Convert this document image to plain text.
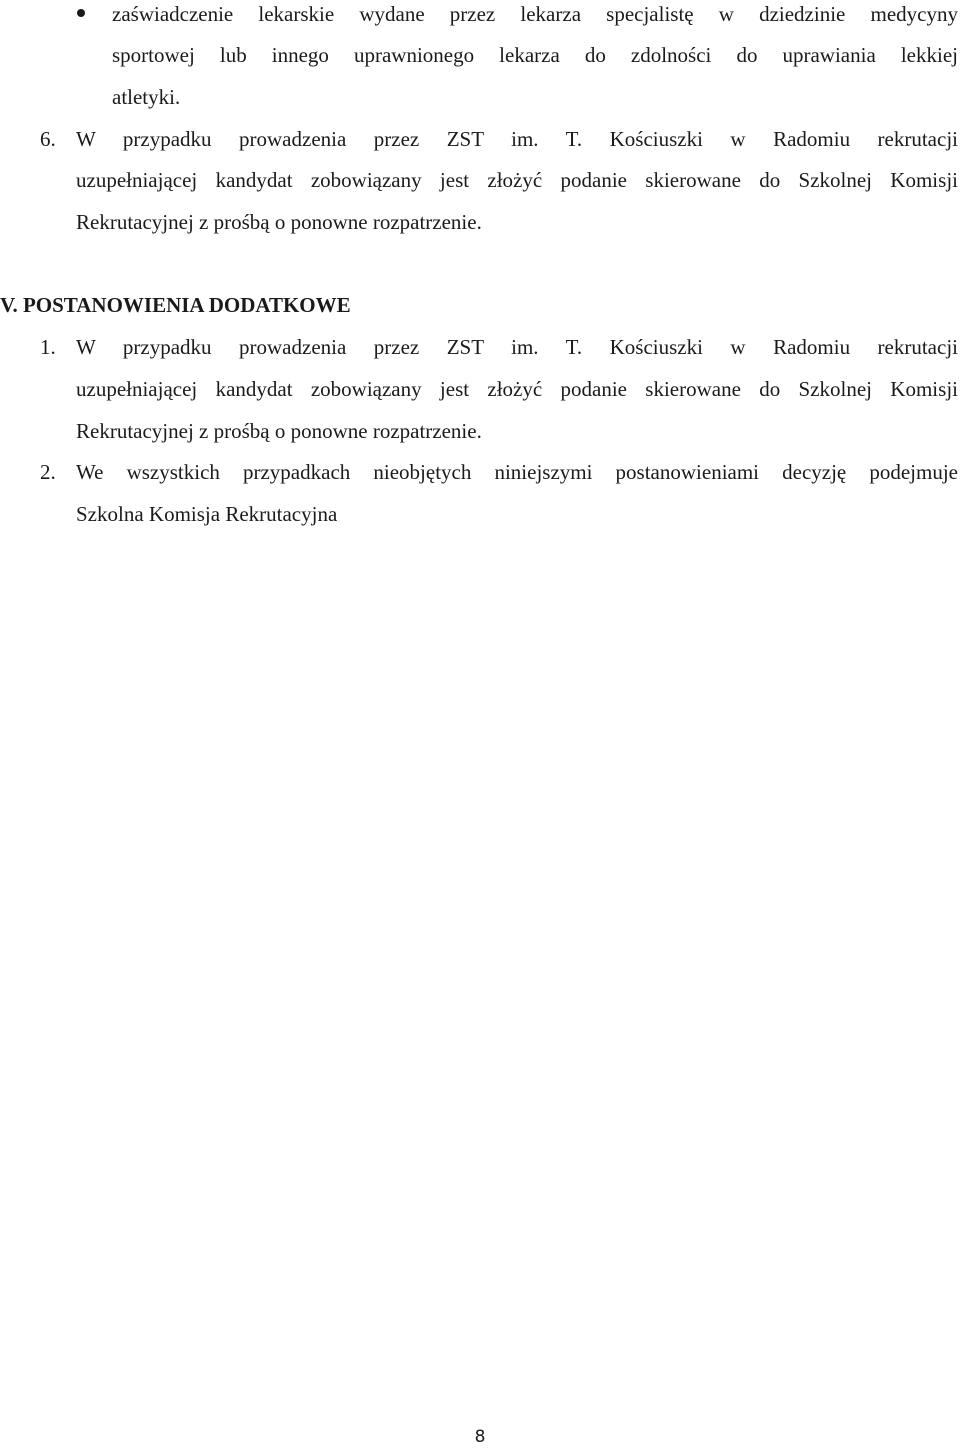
zaświadczenie lekarskie wydane przez lekarza specjalistę w dziedzinie medycyny
sportowej lub innego uprawnionego lekarza do zdolności do uprawiania lekkiej
atletyki.
6. W przypadku prowadzenia przez ZST im. T. Kościuszki w Radomiu rekrutacji
uzupełniającej kandydat zobowiązany jest złożyć podanie skierowane do Szkolnej Komisji
Rekrutacyjnej z prośbą o ponowne rozpatrzenie.
V. POSTANOWIENIA DODATKOWE
1. W przypadku prowadzenia przez ZST im. T. Kościuszki w Radomiu rekrutacji
uzupełniającej kandydat zobowiązany jest złożyć podanie skierowane do Szkolnej Komisji
Rekrutacyjnej z prośbą o ponowne rozpatrzenie.
2. We wszystkich przypadkach nieobjętych niniejszymi postanowieniami decyzję podejmuje
Szkolna Komisja Rekrutacyjna
8
